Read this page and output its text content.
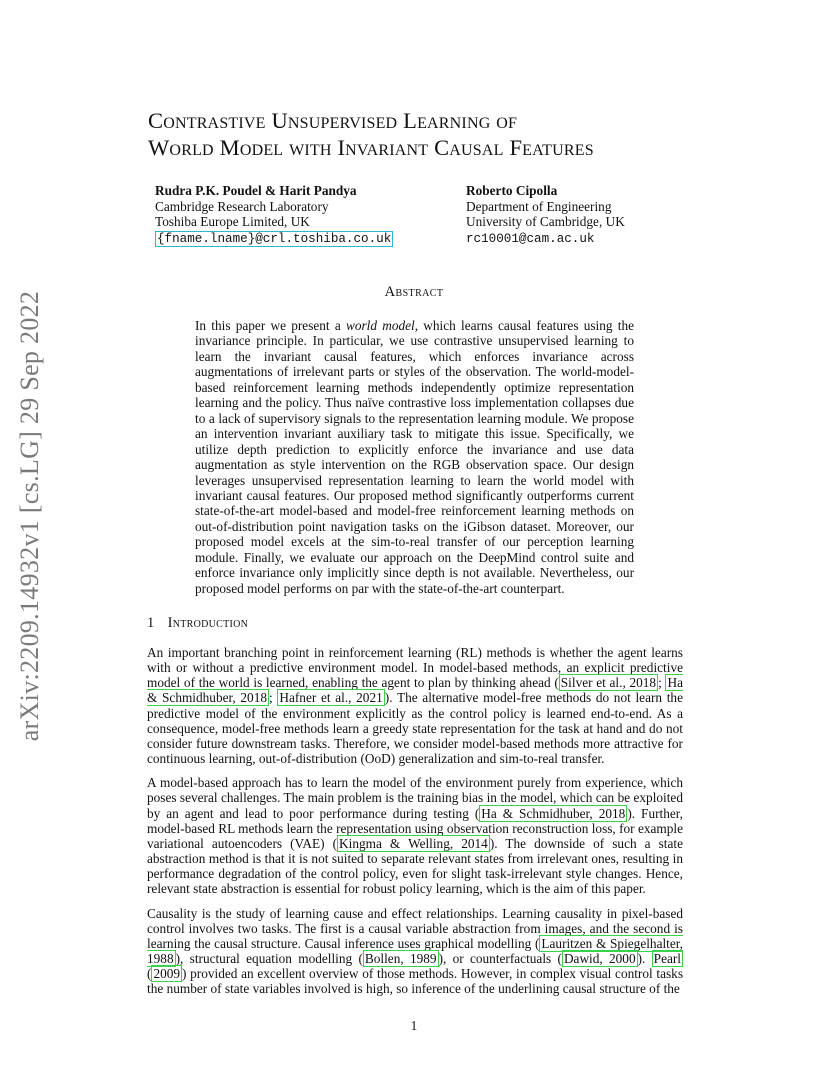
arXiv:2209.14932v1 [cs.LG] 29 Sep 2022
Contrastive Unsupervised Learning of
World Model with Invariant Causal Features
Rudra P.K. Poudel & Harit Pandya
Cambridge Research Laboratory
Toshiba Europe Limited, UK
{fname.lname}@crl.toshiba.co.uk
Roberto Cipolla
Department of Engineering
University of Cambridge, UK
rc10001@cam.ac.uk
Abstract

In this paper we present a world model, which learns causal features using the invariance principle. In particular, we use contrastive unsupervised learning to learn the invariant causal features, which enforces invariance across augmentations of irrelevant parts or styles of the observation. The world-model-based reinforcement learning methods independently optimize representation learning and the policy. Thus naïve contrastive loss implementation collapses due to a lack of supervisory signals to the representation learning module. We propose an intervention invariant auxiliary task to mitigate this issue. Specifically, we utilize depth prediction to explicitly enforce the invariance and use data augmentation as style intervention on the RGB observation space. Our design leverages unsupervised representation learning to learn the world model with invariant causal features. Our proposed method significantly outperforms current state-of-the-art model-based and model-free reinforcement learning methods on out-of-distribution point navigation tasks on the iGibson dataset. Moreover, our proposed model excels at the sim-to-real transfer of our perception learning module. Finally, we evaluate our approach on the DeepMind control suite and enforce invariance only implicitly since depth is not available. Nevertheless, our proposed model performs on par with the state-of-the-art counterpart.

1 Introduction

An important branching point in reinforcement learning (RL) methods is whether the agent learns with or without a predictive environment model. In model-based methods, an explicit predictive model of the world is learned, enabling the agent to plan by thinking ahead ( Silver et al., 2018 ; Ha & Schmidhuber, 2018 ; Hafner et al., 2021 ). The alternative model-free methods do not learn the predictive model of the environment explicitly as the control policy is learned end-to-end. As a consequence, model-free methods learn a greedy state representation for the task at hand and do not consider future downstream tasks. Therefore, we consider model-based methods more attractive for continuous learning, out-of-distribution (OoD) generalization and sim-to-real transfer.

A model-based approach has to learn the model of the environment purely from experience, which poses several challenges. The main problem is the training bias in the model, which can be exploited by an agent and lead to poor performance during testing ( Ha & Schmidhuber, 2018 ). Further, model-based RL methods learn the representation using observation reconstruction loss, for example variational autoencoders (VAE) ( Kingma & Welling, 2014 ). The downside of such a state abstraction method is that it is not suited to separate relevant states from irrelevant ones, resulting in performance degradation of the control policy, even for slight task-irrelevant style changes. Hence, relevant state abstraction is essential for robust policy learning, which is the aim of this paper.

Causality is the study of learning cause and effect relationships. Learning causality in pixel-based control involves two tasks. The first is a causal variable abstraction from images, and the second is learning the causal structure. Causal inference uses graphical modelling ( Lauritzen & Spiegelhalter, 1988 ), structural equation modelling ( Bollen, 1989 ), or counterfactuals ( Dawid, 2000 ). Pearl ( 2009 ) provided an excellent overview of those methods. However, in complex visual control tasks the number of state variables involved is high, so inference of the underlining causal structure of the

1
